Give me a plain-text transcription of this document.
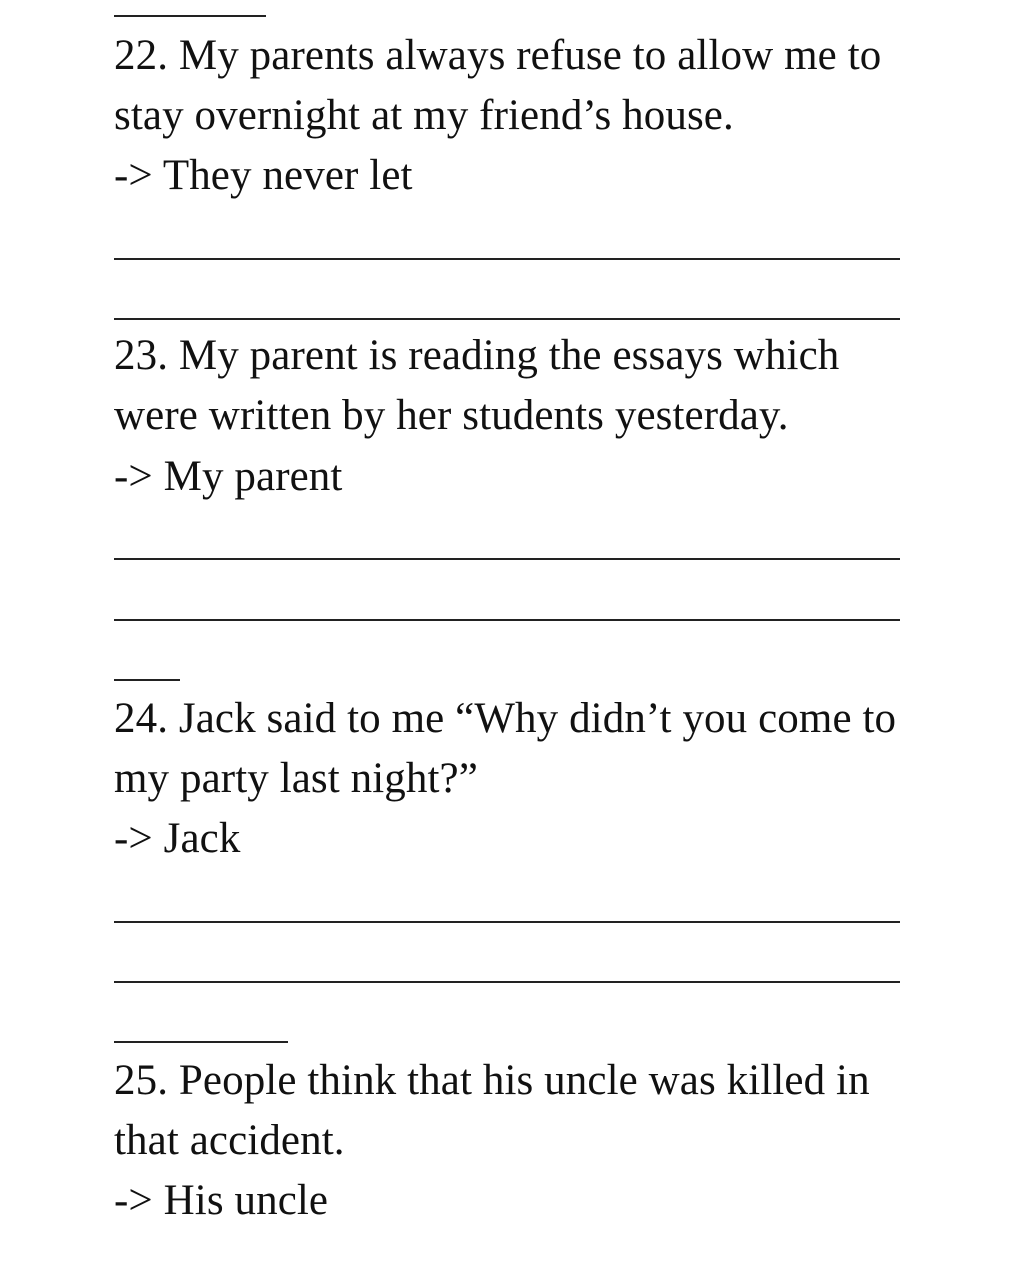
22. My parents always refuse to allow me to
stay overnight at my friend’s house.
-> They never let
23. My parent is reading the essays which
were written by her students yesterday.
-> My parent
24. Jack said to me “Why didn’t you come to
my party last night?”
-> Jack
25. People think that his uncle was killed in
that accident.
-> His uncle
